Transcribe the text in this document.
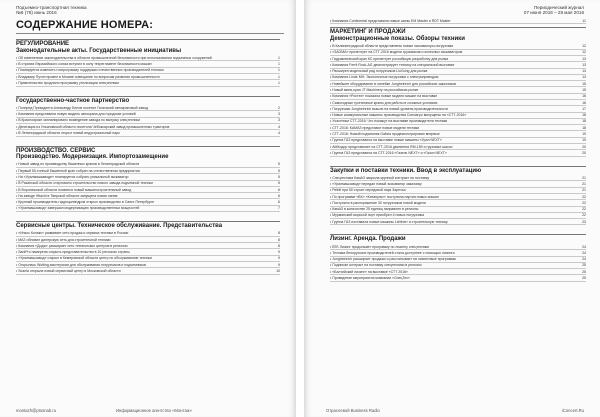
Подъемно-транспортная техника
№6 (78) июнь 2016
СОДЕРЖАНИЕ НОМЕРА:
РЕГУЛИРОВАНИЕ
Законодательные акты. Государственные инициативы
• Об изменениях законодательства в области промышленной безопасности при использовании подъемных сооружений	1
• В странах Евразийского союза вступил в силу техрегламент безопасности машин	1
• Планируется изменить госпрограмму поддержки отечественных производителей техники	1
• Владимир Путин провел в Москве совещание по вопросам развития промышленности	1
• Правительство продлило программу утилизации спецтехники	1
Государственно-частное партнерство
• Полпред Президента Александр Белов посетил Галичский автокрановый завод	2
• Компания представила новую модель автокрана для городских условий	3
• В Красноярске запланировано возведение завода по выпуску спецтехники	3
• Делегация из Ульяновской области посетила Чебоксарский завод промышленных тракторов	4
• В Ленинградской области открыт новый индустриальный парк	4
ПРОИЗВОДСТВО. СЕРВИС
Производство. Модернизация. Импортозамещение
• Новый завод по производству башенных кранов в Ленинградской области	5
• Первый 50-тонный башенный кран собран на отечественном предприятии	5
• На «Уралмашзаводе» планируется собрать уникальный экскаватор	5
• В Рязанской области стартовало строительство нового завода подъемной техники	5
• В Воронежской области появится новый машиностроительный завод	6
• На заводе Hitachi в Тверской области запущена новая линия	6
• Крупный производитель гидроцилиндров открыл производство в Санкт-Петербурге	6
• «Уралмашзавод» завершил модернизацию производственных мощностей	7
Сервисные центры. Техническое обслуживание. Представительства
• «Инкос Колакс» развивает сеть продаж и сервиса техники в России	8
• МАЗ обновил дилерскую сеть для строительной техники	8
• Компания «Додж» расширяет сеть технических центров в регионах	8
• SaniPro намерена открыть представительство в 10 регионах страны	9
• «Уралмашзавод» открыл в Кемеровской области центр по обслуживанию техники	9
• Открылась Wotting-мастерская для обслуживания погрузчиков и подъемников	9
• Scania открыла новый сервисный центр в Московской области	10
montazh@ptosnab.ru	Информационное агентство «Монтаж»
Периодический журнал
07 июня 2016 – 28 мая 2016
• Компания Continental представила новые шины EM Master и RDT Master	11
МАРКЕТИНГ И ПРОДАЖИ
Демонстрационные показы. Обзоры техники
• В Калининградской области представлены новые экскаваторы-погрузчики	12
• «ЗАОМА» презентует на СТТ-2016 модели грузовиков и колесных экскаваторов	12
• Гидравлический кран КС презентует российскую разработку для рынка	13
• Компания Ferrit Rock-AG демонстрирует технику на специальной выставке	13
• Расширен модельный ряд погрузчиков LiuGong для рынка	14
• Компания Linde MH: Экологичные погрузчики с электроприводом	14
• Новейшее оборудование в линейке Jungheinrich для российских заказчиков	15
• Новый мини-кран JT Machinery на российском рынке	15
• Компания «Ростех» показала новые модели машин на выставке	16
• Самоходные гусеничные краны для работы в сложных условиях	16
• Погрузчики Jungheinrich вышли на новый уровень производительности	17
• Новые коммунальные машины производства Союзагро выпущены на «СТТ-2016»	18
• Участники СТТ-2016: Что покажут на выставке производители техники	18
• СТТ-2016: КАМАЗ представил новые модели техники	18
• СТТ-2016: Новый подъемник Galizia продемонстрирован впервые	19
• Группа ГАЗ представила на выставке новые машины «Урал NEXT»	19
• АМКодор представляет на СТТ-2016 двигатели RM-159 и грузовые шасси	20
• Группа ГАЗ представила на СТТ-2016 «Газель NEXT» и «Газон NEXT»	20
Закупки и поставки техники. Ввод в эксплуатацию
• Спецтехника КамАЗ закрыла крупный контракт на поставку	21
• «Уралмашзавод» передал новый экскаватор заказчику	21
• Petbif при 50 строит передовой парк Заречья	21
• По программе «ВХ» «Катапульт» поступила партия новых машин	22
• Поступило в распоряжение 30 погрузчиков новой модели	22
• КамАЗ в количестве 25 единиц направлен в регионы	22
• Мурманский морской порт приобрел 4 новых погрузчика	22
• Группа ГАЗ поставила новые машины Liebherr и строительную технику	23
Лизинг. Аренда. Продажи
• ВТБ Лизинг продолжает программу по лизингу спецтехники	24
• Техника белорусских производителей стала доступнее с помощью лизинга	24
• Jungheinrich расширяет продажи и рассчитывает на лизинговые программы	24
• Подписан контракт на поставку спецтехники в регионы	25
• «Балтийский лизинг» на выставке «СТТ 2016»	25
• Проведение мероприятия компании «СпецТех»	25
Отраслевой Business Radio	iConcert.Ru
